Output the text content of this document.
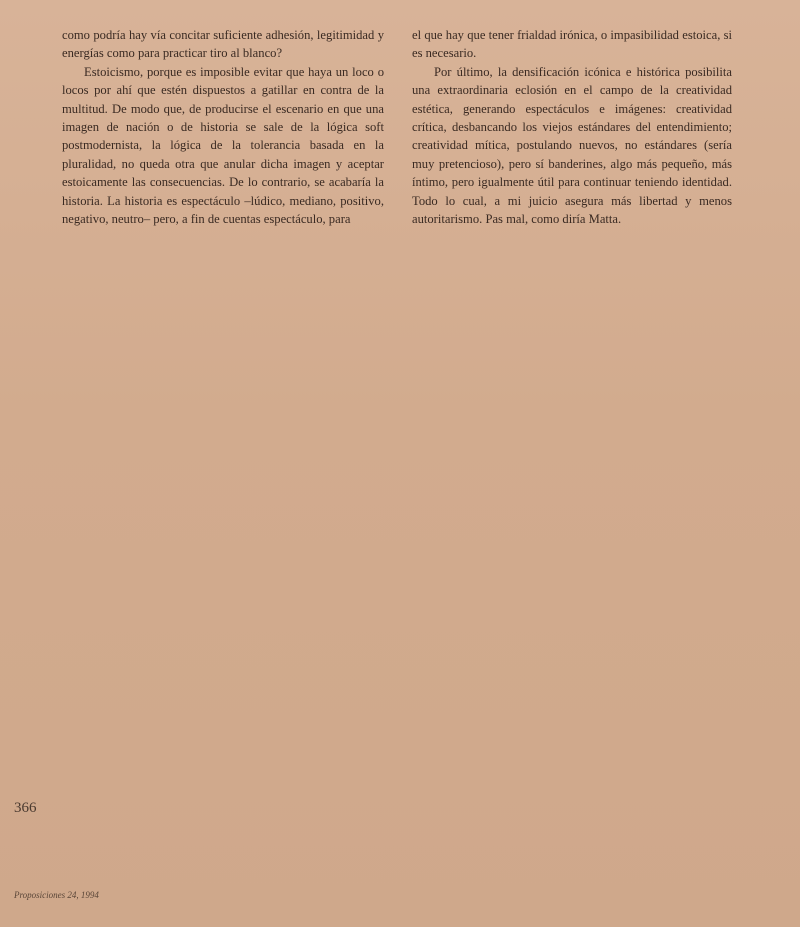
como podría hay vía concitar suficiente adhesión, legitimidad y energías como para practicar tiro al blanco?

Estoicismo, porque es imposible evitar que haya un loco o locos por ahí que estén dispuestos a gatillar en contra de la multitud. De modo que, de producirse el escenario en que una imagen de nación o de historia se sale de la lógica soft postmodernista, la lógica de la tolerancia basada en la pluralidad, no queda otra que anular dicha imagen y aceptar estoicamente las consecuencias. De lo contrario, se acabaría la historia. La historia es espectáculo –lúdico, mediano, positivo, negativo, neutro– pero, a fin de cuentas espectáculo, para

el que hay que tener frialdad irónica, o impasibilidad estoica, si es necesario.

Por último, la densificación icónica e histórica posibilita una extraordinaria eclosión en el campo de la creatividad estética, generando espectáculos e imágenes: creatividad crítica, desbancando los viejos estándares del entendimiento; creatividad mítica, postulando nuevos, no estándares (sería muy pretencioso), pero sí banderines, algo más pequeño, más íntimo, pero igualmente útil para continuar teniendo identidad. Todo lo cual, a mi juicio asegura más libertad y menos autoritarismo. Pas mal, como diría Matta.

366
Proposiciones 24, 1994
